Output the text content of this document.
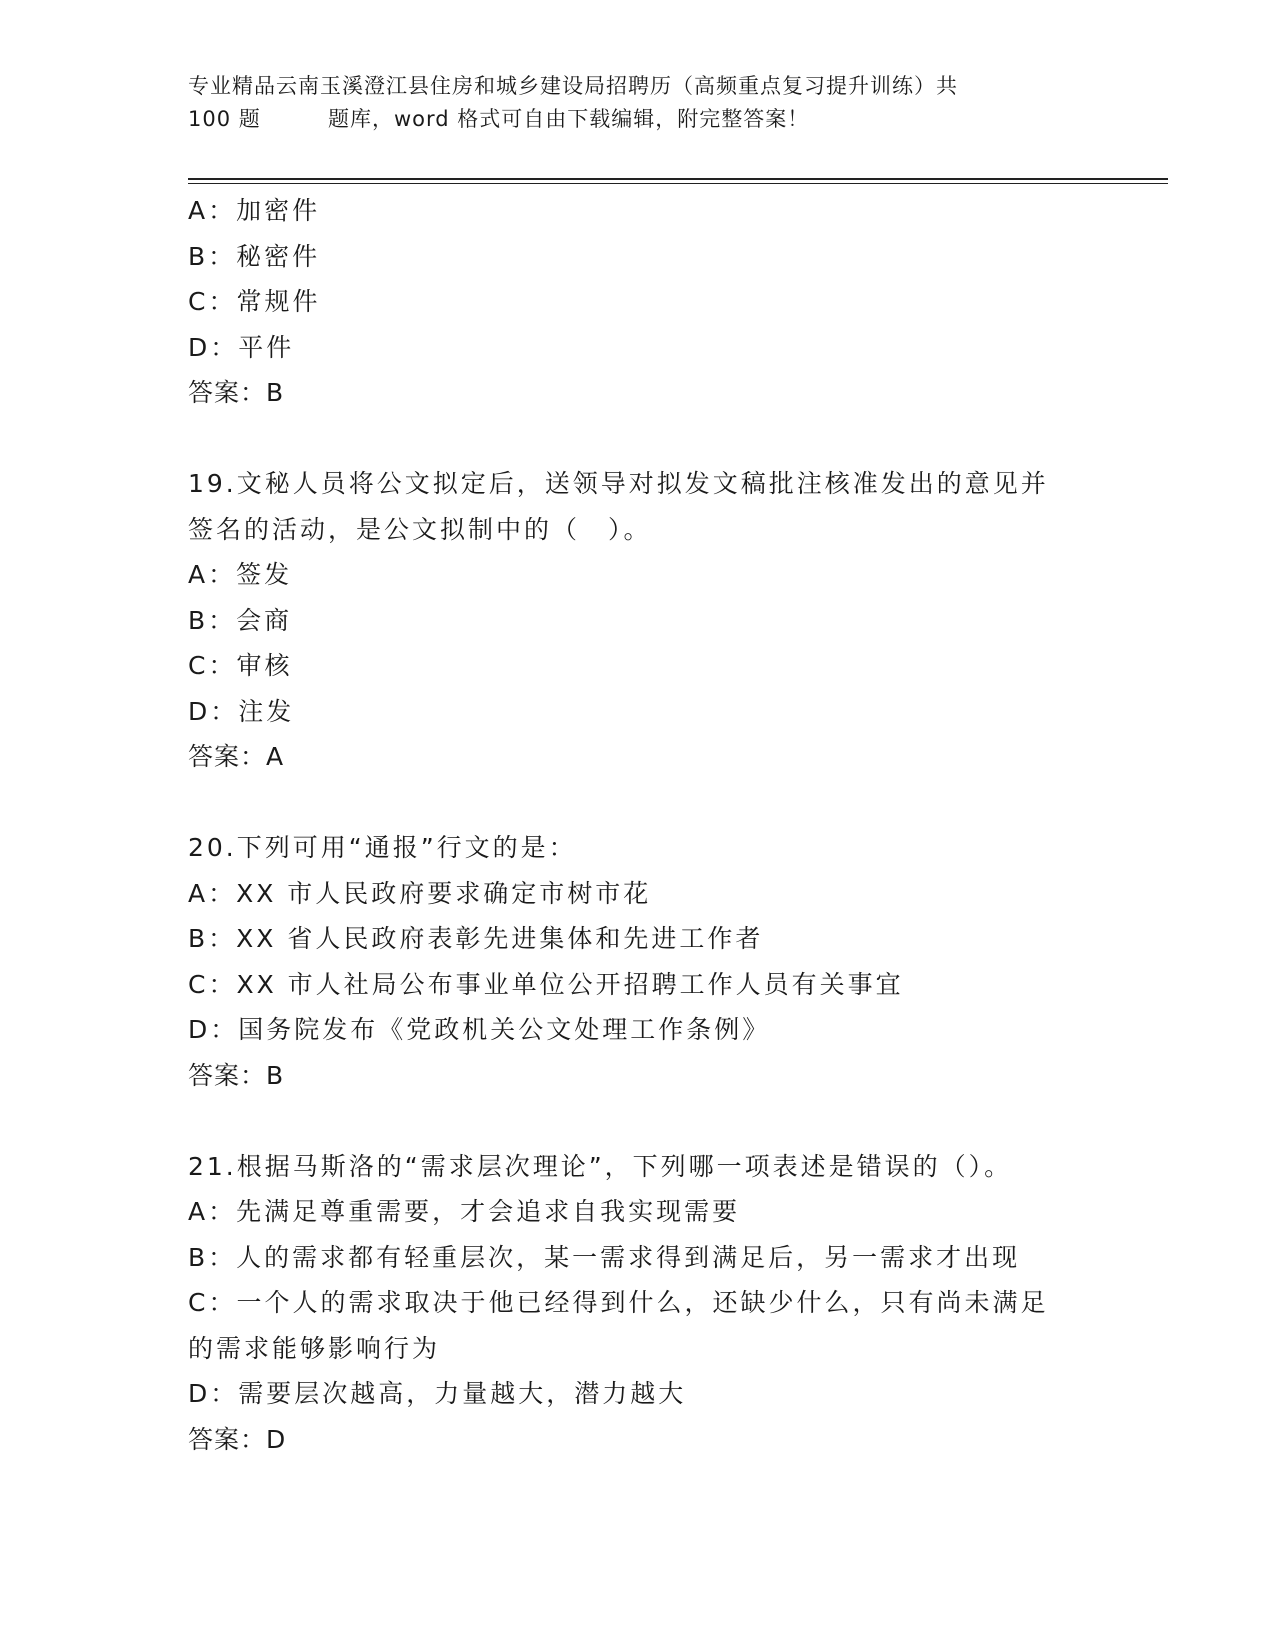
专业精品云南玉溪澄江县住房和城乡建设局招聘历（高频重点复习提升训练）共
100 题	题库，word 格式可自由下载编辑，附完整答案！
A：加密件
B：秘密件
C：常规件
D：平件
答案：B
19.文秘人员将公文拟定后，送领导对拟发文稿批注核准发出的意见并
签名的活动，是公文拟制中的（　）。
A：签发
B：会商
C：审核
D：注发
答案：A
20.下列可用“通报”行文的是：
A：XX 市人民政府要求确定市树市花
B：XX 省人民政府表彰先进集体和先进工作者
C：XX 市人社局公布事业单位公开招聘工作人员有关事宜
D：国务院发布《党政机关公文处理工作条例》
答案：B
21.根据马斯洛的“需求层次理论”，下列哪一项表述是错误的（）。
A：先满足尊重需要，才会追求自我实现需要
B：人的需求都有轻重层次，某一需求得到满足后，另一需求才出现
C：一个人的需求取决于他已经得到什么，还缺少什么，只有尚未满足
的需求能够影响行为
D：需要层次越高，力量越大，潜力越大
答案：D
